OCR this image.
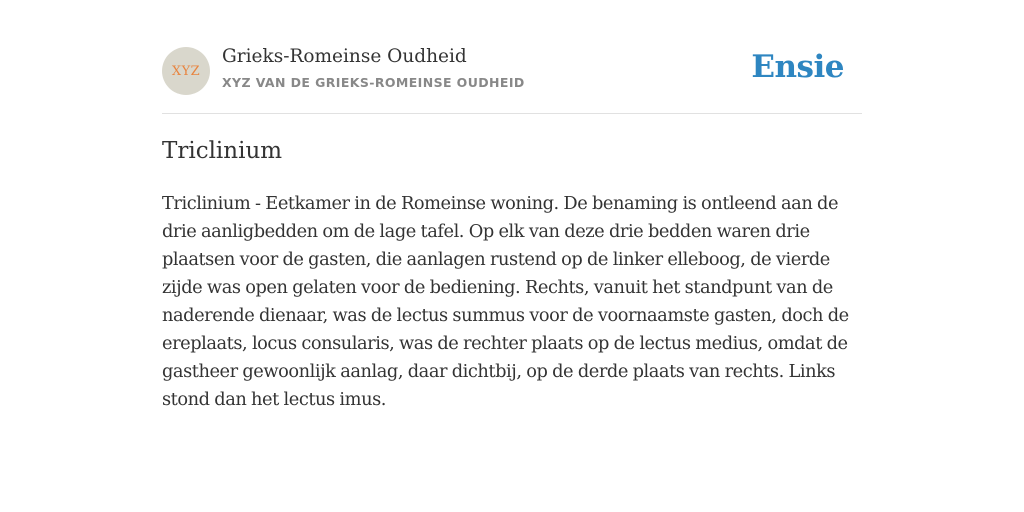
XYZ
Grieks-Romeinse Oudheid
XYZ VAN DE GRIEKS-ROMEINSE OUDHEID	Ensie
Triclinium

Triclinium - Eetkamer in de Romeinse woning. De benaming is ontleend aan de drie aanligbedden om de lage tafel. Op elk van deze drie bedden waren drie plaatsen voor de gasten, die aanlagen rustend op de linker elleboog, de vierde zijde was open gelaten voor de bediening. Rechts, vanuit het standpunt van de naderende dienaar, was de lectus summus voor de voornaamste gasten, doch de ereplaats, locus consularis, was de rechter plaats op de lectus medius, omdat de gastheer gewoonlijk aanlag, daar dichtbij, op de derde plaats van rechts. Links stond dan het lectus imus.
